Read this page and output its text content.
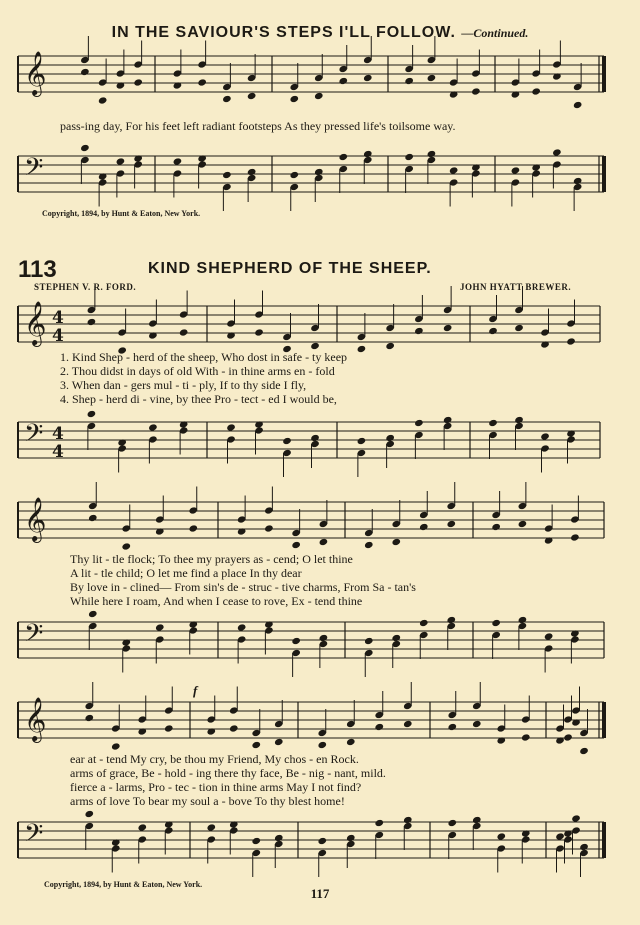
IN THE SAVIOUR'S STEPS I'LL FOLLOW. —Continued.
𝄞
𝄢
𝄞
𝄢
𝄞
𝄢
𝄞
𝄢
4
4
4
4
pass-ing day, For his feet left radiant footsteps As they pressed life's toilsome way.
Copyright, 1894, by Hunt & Eaton, New York.
113	KIND SHEPHERD OF THE SHEEP.
STEPHEN V. R. FORD.	JOHN HYATT BREWER.
1. Kind Shep - herd of the sheep, Who dost in safe - ty keep
2. Thou didst in days of old With - in thine arms en - fold
3. When dan - gers mul - ti - ply, If to thy side I fly,
4. Shep - herd di - vine, by thee Pro - tect - ed I would be,
Thy lit - tle flock; To thee my prayers as - cend; O let thine
A lit - tle child; O let me find a place In thy dear
By love in - clined— From sin's de - struc - tive charms, From Sa - tan's
While here I roam, And when I cease to rove, Ex - tend thine
f
ear at - tend My cry, be thou my Friend, My chos - en Rock.
arms of grace, Be - hold - ing there thy face, Be - nig - nant, mild.
fierce a - larms, Pro - tec - tion in thine arms May I not find?
arms of love To bear my soul a - bove To thy blest home!
Copyright, 1894, by Hunt & Eaton, New York.
117
